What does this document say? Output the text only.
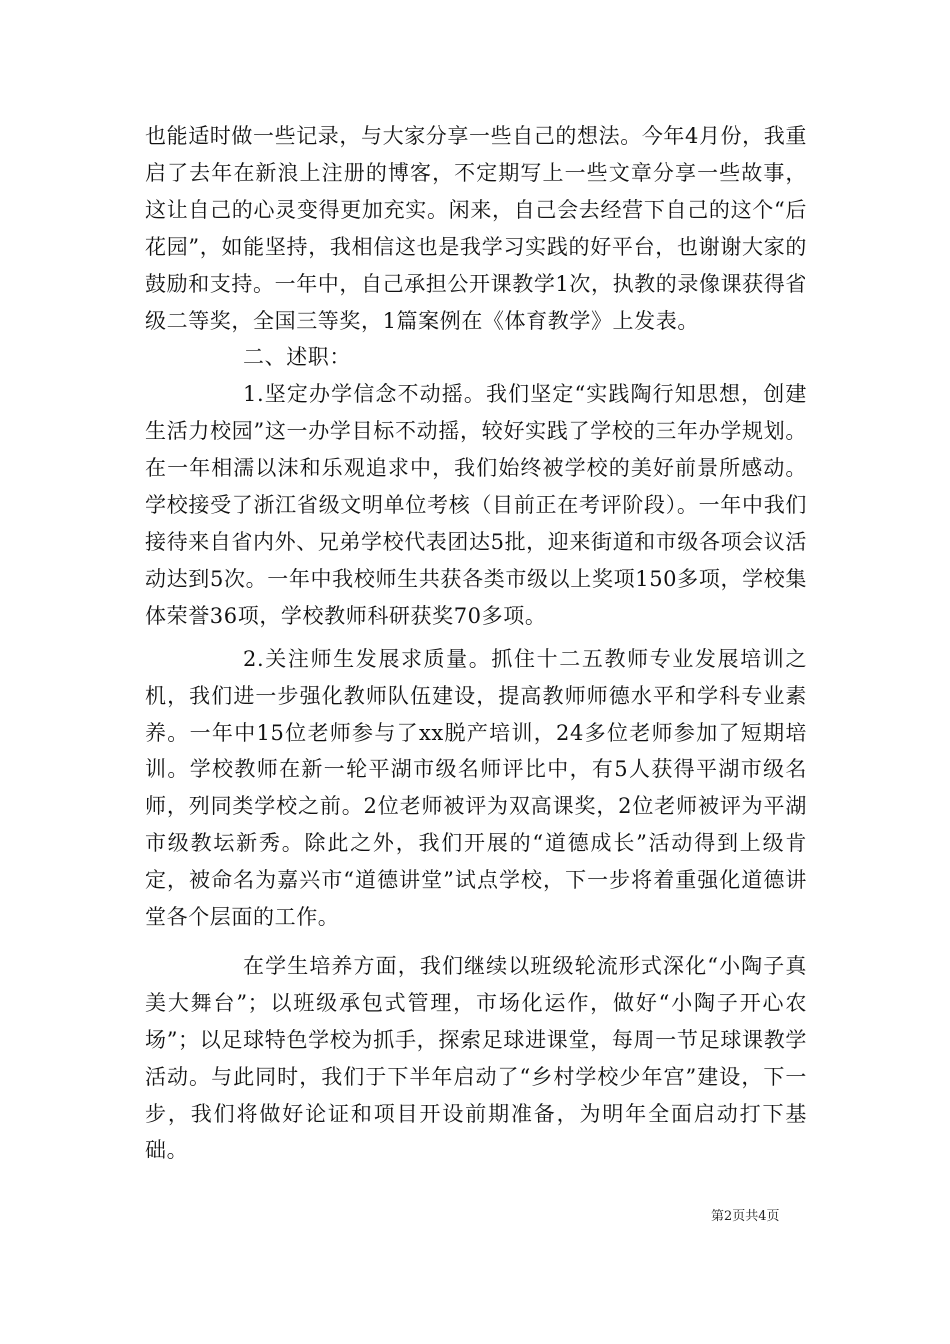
也能适时做一些记录，与大家分享一些自己的想法。今年4月份，我重启了去年在新浪上注册的博客，不定期写上一些文章分享一些故事，这让自己的心灵变得更加充实。闲来，自己会去经营下自己的这个“后花园”，如能坚持，我相信这也是我学习实践的好平台，也谢谢大家的鼓励和支持。一年中，自己承担公开课教学1次，执教的录像课获得省级二等奖，全国三等奖，1篇案例在《体育教学》上发表。

二、述职：

1.坚定办学信念不动摇。我们坚定“实践陶行知思想，创建生活力校园”这一办学目标不动摇，较好实践了学校的三年办学规划。在一年相濡以沫和乐观追求中，我们始终被学校的美好前景所感动。学校接受了浙江省级文明单位考核（目前正在考评阶段）。一年中我们接待来自省内外、兄弟学校代表团达5批，迎来街道和市级各项会议活动达到5次。一年中我校师生共获各类市级以上奖项150多项，学校集体荣誉36项，学校教师科研获奖70多项。

2.关注师生发展求质量。抓住十二五教师专业发展培训之机，我们进一步强化教师队伍建设，提高教师师德水平和学科专业素养。一年中15位老师参与了xx脱产培训，24多位老师参加了短期培训。学校教师在新一轮平湖市级名师评比中，有5人获得平湖市级名师，列同类学校之前。2位老师被评为双高课奖，2位老师被评为平湖市级教坛新秀。除此之外，我们开展的“道德成长”活动得到上级肯定，被命名为嘉兴市“道德讲堂”试点学校，下一步将着重强化道德讲堂各个层面的工作。

在学生培养方面，我们继续以班级轮流形式深化“小陶子真美大舞台”；以班级承包式管理，市场化运作，做好“小陶子开心农场”；以足球特色学校为抓手，探索足球进课堂，每周一节足球课教学活动。与此同时，我们于下半年启动了“乡村学校少年宫”建设，下一步，我们将做好论证和项目开设前期准备，为明年全面启动打下基础。

第2页共4页
